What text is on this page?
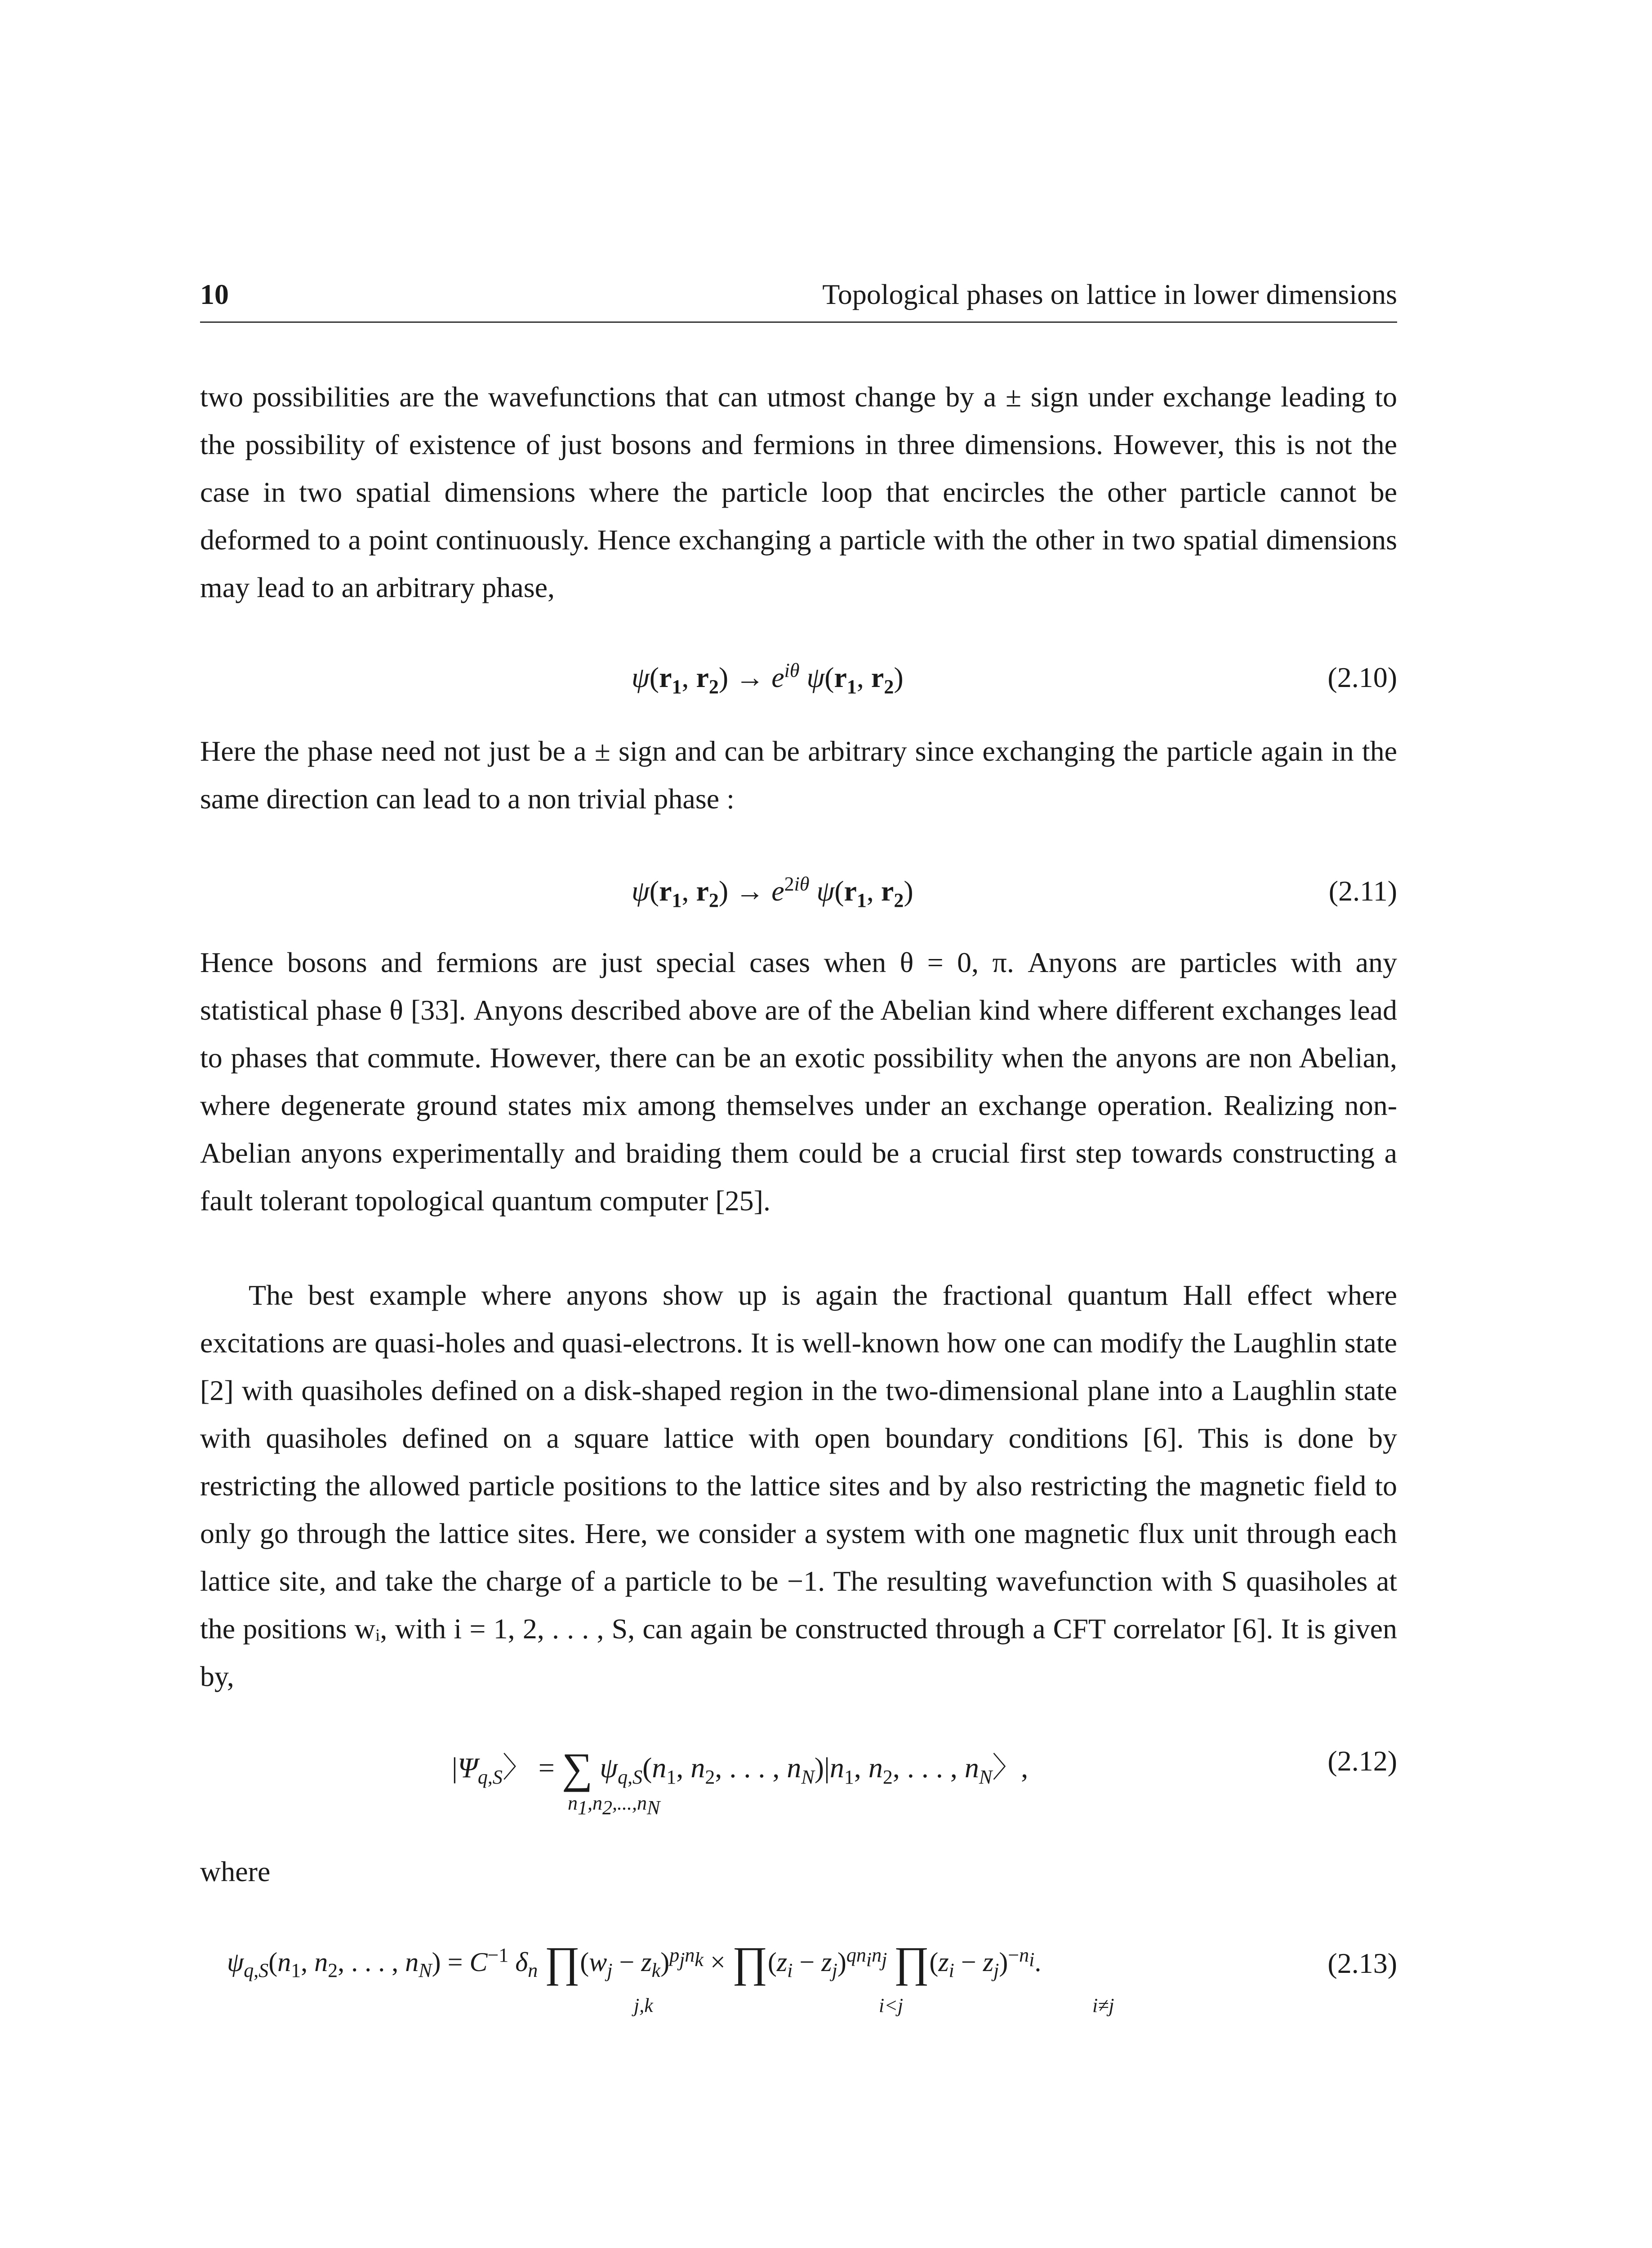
10	Topological phases on lattice in lower dimensions

two possibilities are the wavefunctions that can utmost change by a ± sign under exchange leading to the possibility of existence of just bosons and fermions in three dimensions. However, this is not the case in two spatial dimensions where the particle loop that encircles the other particle cannot be deformed to a point continuously. Hence exchanging a particle with the other in two spatial dimensions may lead to an arbitrary phase,

$\psi(r_1$, $r_2) \to e^{i\theta}$ $\psi(r_1$, $r_2$)	(2.10)

Here the phase need not just be a ± sign and can be arbitrary since exchanging the particle again in the same direction can lead to a non trivial phase :

$\psi(r_1$, $r_2) \to e^{2i\theta}$ $\psi(r_1$, $r_2$)	(2.11)

Hence bosons and fermions are just special cases when θ = 0, π. Anyons are particles with any statistical phase θ [33]. Anyons described above are of the Abelian kind where different exchanges lead to phases that commute. However, there can be an exotic possibility when the anyons are non Abelian, where degenerate ground states mix among themselves under an exchange operation. Realizing non-Abelian anyons experimentally and braiding them could be a crucial first step towards constructing a fault tolerant topological quantum computer [25].

The best example where anyons show up is again the fractional quantum Hall effect where excitations are quasi-holes and quasi-electrons. It is well-known how one can modify the Laughlin state [2] with quasiholes defined on a disk-shaped region in the two-dimensional plane into a Laughlin state with quasiholes defined on a square lattice with open boundary conditions [6]. This is done by restricting the allowed particle positions to the lattice sites and by also restricting the magnetic field to only go through the lattice sites. Here, we consider a system with one magnetic flux unit through each lattice site, and take the charge of a particle to be −1. The resulting wavefunction with S quasiholes at the positions wᵢ, with i = 1, 2, . . . , S, can again be constructed through a CFT correlator [6]. It is given by,

$|\Psi_{q,S}$〉 = ∑ $\psi_{q,S}(n_1$, $n_2$, . . . , $n_N)|n_1$, $n_2$, . . . , $n_N$〉,
$n_1,n_2,...,n_N$
(2.12)

where

$\psi_{q,S}(n_1$, $n_2$, . . . , $n_N) = C^{-1}$ $\delta_n$ $\prod(w_j - z_k)^{p_jn_k}$ × $\prod(z_i - z_j)^{qn_in_j}$ $\prod(z_i - z_j)^{-n_i}$.
j,k	i<j	i≠j
(2.13)
